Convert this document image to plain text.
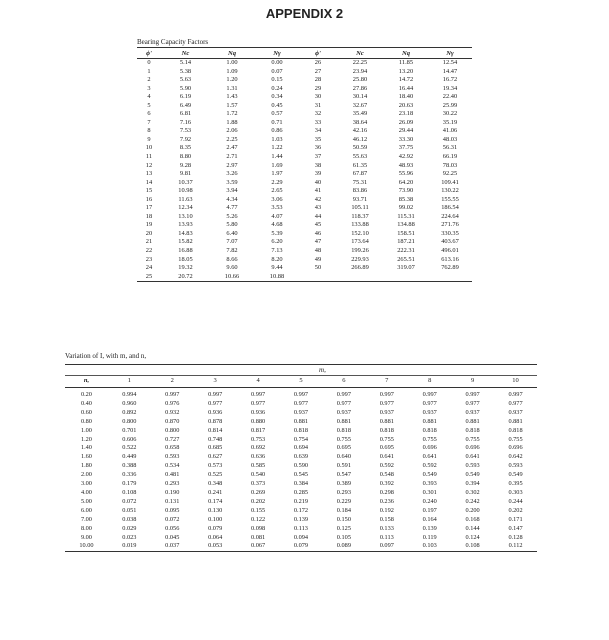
APPENDIX 2
Bearing Capacity Factors
ϕ'	Nc	Nq	Nγ	ϕ'	Nc	Nq	Nγ
0	5.14	1.00	0.00	26	22.25	11.85	12.54
1	5.38	1.09	0.07	27	23.94	13.20	14.47
2	5.63	1.20	0.15	28	25.80	14.72	16.72
3	5.90	1.31	0.24	29	27.86	16.44	19.34
4	6.19	1.43	0.34	30	30.14	18.40	22.40
5	6.49	1.57	0.45	31	32.67	20.63	25.99
6	6.81	1.72	0.57	32	35.49	23.18	30.22
7	7.16	1.88	0.71	33	38.64	26.09	35.19
8	7.53	2.06	0.86	34	42.16	29.44	41.06
9	7.92	2.25	1.03	35	46.12	33.30	48.03
10	8.35	2.47	1.22	36	50.59	37.75	56.31
11	8.80	2.71	1.44	37	55.63	42.92	66.19
12	9.28	2.97	1.69	38	61.35	48.93	78.03
13	9.81	3.26	1.97	39	67.87	55.96	92.25
14	10.37	3.59	2.29	40	75.31	64.20	109.41
15	10.98	3.94	2.65	41	83.86	73.90	130.22
16	11.63	4.34	3.06	42	93.71	85.38	155.55
17	12.34	4.77	3.53	43	105.11	99.02	186.54
18	13.10	5.26	4.07	44	118.37	115.31	224.64
19	13.93	5.80	4.68	45	133.88	134.88	271.76
20	14.83	6.40	5.39	46	152.10	158.51	330.35
21	15.82	7.07	6.20	47	173.64	187.21	403.67
22	16.88	7.82	7.13	48	199.26	222.31	496.01
23	18.05	8.66	8.20	49	229.93	265.51	613.16
24	19.32	9.60	9.44	50	266.89	319.07	762.89
25	20.72	10.66	10.88				
Variation of I, with m, and n,
	m,									
n,	1	2	3	4	5	6	7	8	9	10
0.20	0.994	0.997	0.997	0.997	0.997	0.997	0.997	0.997	0.997	0.997
0.40	0.960	0.976	0.977	0.977	0.977	0.977	0.977	0.977	0.977	0.977
0.60	0.892	0.932	0.936	0.936	0.937	0.937	0.937	0.937	0.937	0.937
0.80	0.800	0.870	0.878	0.880	0.881	0.881	0.881	0.881	0.881	0.881
1.00	0.701	0.800	0.814	0.817	0.818	0.818	0.818	0.818	0.818	0.818
1.20	0.606	0.727	0.748	0.753	0.754	0.755	0.755	0.755	0.755	0.755
1.40	0.522	0.658	0.685	0.692	0.694	0.695	0.695	0.696	0.696	0.696
1.60	0.449	0.593	0.627	0.636	0.639	0.640	0.641	0.641	0.641	0.642
1.80	0.388	0.534	0.573	0.585	0.590	0.591	0.592	0.592	0.593	0.593
2.00	0.336	0.481	0.525	0.540	0.545	0.547	0.548	0.549	0.549	0.549
3.00	0.179	0.293	0.348	0.373	0.384	0.389	0.392	0.393	0.394	0.395
4.00	0.108	0.190	0.241	0.269	0.285	0.293	0.298	0.301	0.302	0.303
5.00	0.072	0.131	0.174	0.202	0.219	0.229	0.236	0.240	0.242	0.244
6.00	0.051	0.095	0.130	0.155	0.172	0.184	0.192	0.197	0.200	0.202
7.00	0.038	0.072	0.100	0.122	0.139	0.150	0.158	0.164	0.168	0.171
8.00	0.029	0.056	0.079	0.098	0.113	0.125	0.133	0.139	0.144	0.147
9.00	0.023	0.045	0.064	0.081	0.094	0.105	0.113	0.119	0.124	0.128
10.00	0.019	0.037	0.053	0.067	0.079	0.089	0.097	0.103	0.108	0.112
